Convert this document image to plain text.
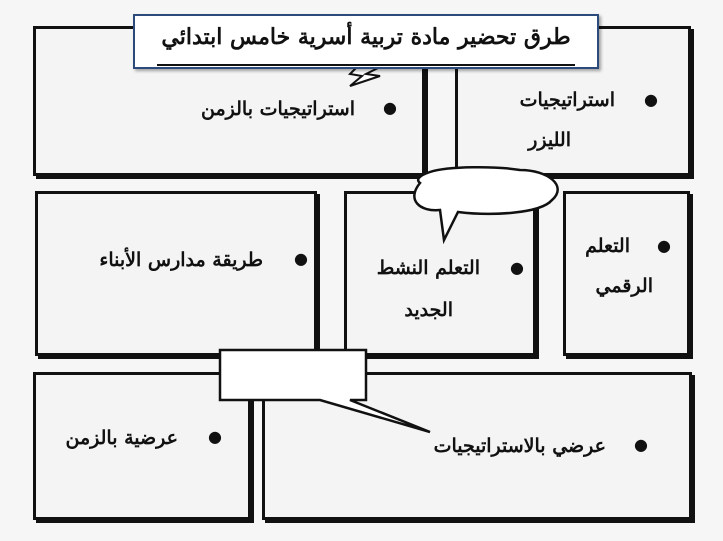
●
استراتيجيات بالزمن	●
استراتيجيات
الليزر
●
طريقة مدارس الأبناء	●
التعلم النشط
الجديد
●
التعلم
الرقمي
●
عرضية بالزمن	●
عرضي بالاستراتيجيات
طرق تحضير مادة تربية أسرية خامس ابتدائي
